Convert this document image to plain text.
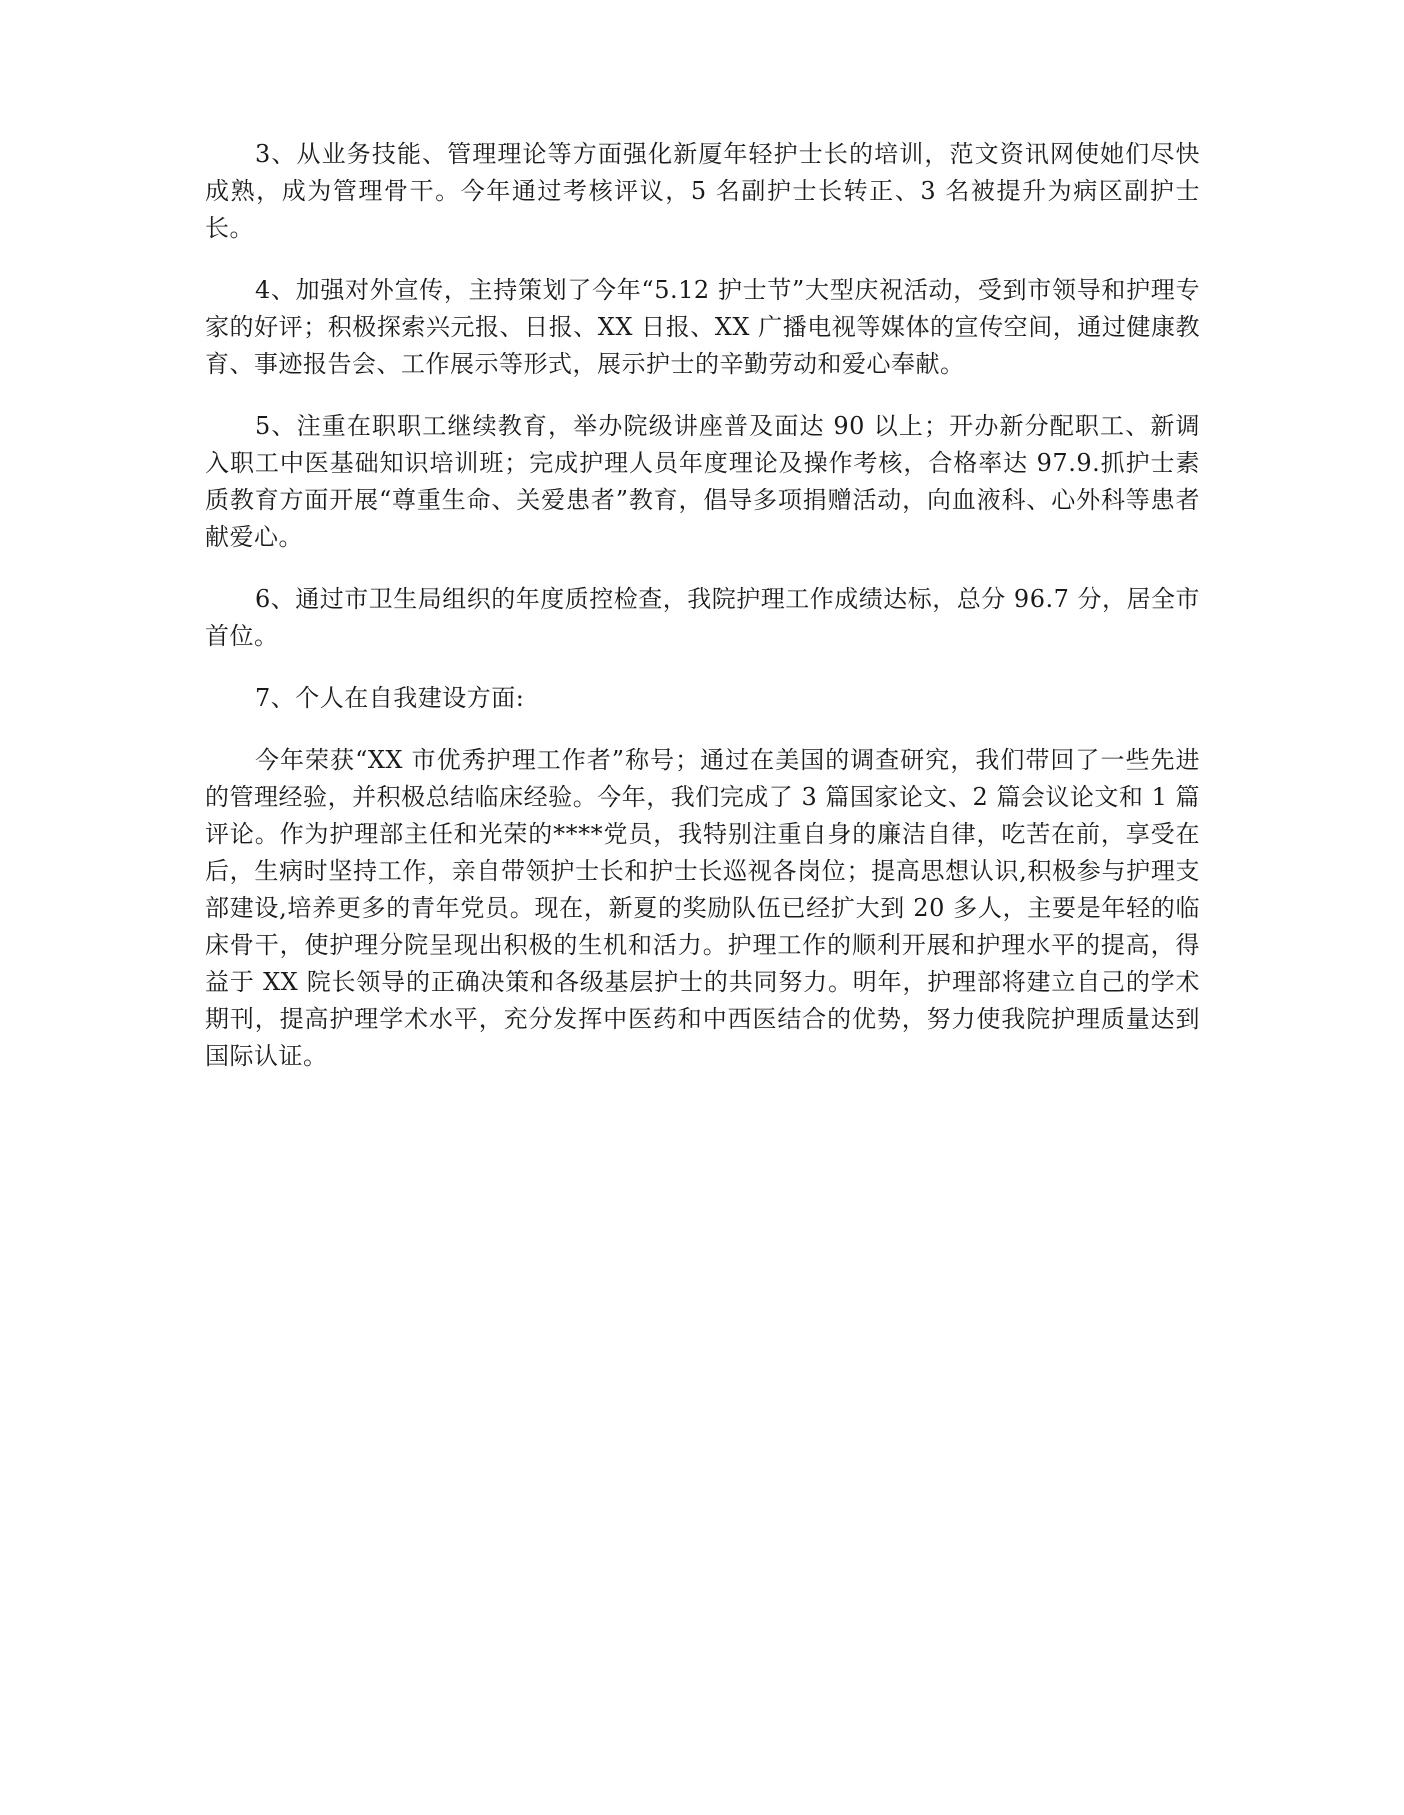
3、从业务技能、管理理论等方面强化新厦年轻护士长的培训，范文资讯网使她们尽快成熟，成为管理骨干。今年通过考核评议，5 名副护士长转正、3 名被提升为病区副护士长。

4、加强对外宣传，主持策划了今年“5.12 护士节”大型庆祝活动，受到市领导和护理专家的好评；积极探索兴元报、日报、XX 日报、XX 广播电视等媒体的宣传空间，通过健康教育、事迹报告会、工作展示等形式，展示护士的辛勤劳动和爱心奉献。

5、注重在职职工继续教育，举办院级讲座普及面达 90 以上；开办新分配职工、新调入职工中医基础知识培训班；完成护理人员年度理论及操作考核，合格率达 97.9.抓护士素质教育方面开展“尊重生命、关爱患者”教育，倡导多项捐赠活动，向血液科、心外科等患者献爱心。

6、通过市卫生局组织的年度质控检查，我院护理工作成绩达标，总分 96.7 分，居全市首位。

7、个人在自我建设方面:

今年荣获“XX 市优秀护理工作者”称号；通过在美国的调查研究，我们带回了一些先进的管理经验，并积极总结临床经验。今年，我们完成了 3 篇国家论文、2 篇会议论文和 1 篇评论。作为护理部主任和光荣的****党员，我特别注重自身的廉洁自律，吃苦在前，享受在后，生病时坚持工作，亲自带领护士长和护士长巡视各岗位；提高思想认识,积极参与护理支部建设,培养更多的青年党员。现在，新夏的奖励队伍已经扩大到 20 多人，主要是年轻的临床骨干，使护理分院呈现出积极的生机和活力。护理工作的顺利开展和护理水平的提高，得益于 XX 院长领导的正确决策和各级基层护士的共同努力。明年，护理部将建立自己的学术期刊，提高护理学术水平，充分发挥中医药和中西医结合的优势，努力使我院护理质量达到国际认证。
